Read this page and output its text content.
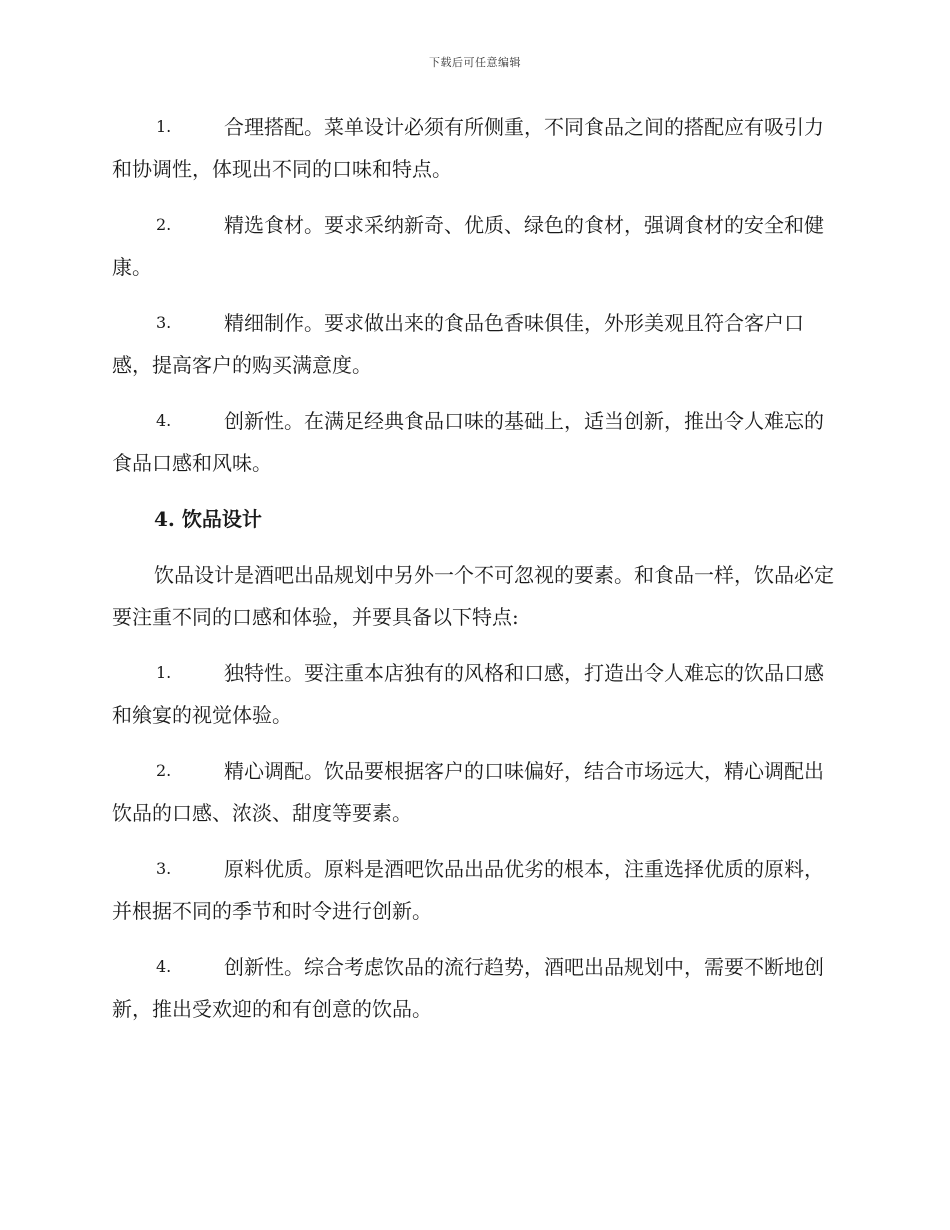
下载后可任意编辑
1.	合理搭配。菜单设计必须有所侧重，不同食品之间的搭配应有吸引力和协调性，体现出不同的口味和特点。
2.	精选食材。要求采纳新奇、优质、绿色的食材，强调食材的安全和健康。
3.	精细制作。要求做出来的食品色香味俱佳，外形美观且符合客户口感，提高客户的购买满意度。
4.	创新性。在满足经典食品口味的基础上，适当创新，推出令人难忘的食品口感和风味。
4. 饮品设计
饮品设计是酒吧出品规划中另外一个不可忽视的要素。和食品一样，饮品必定要注重不同的口感和体验，并要具备以下特点:
1.	独特性。要注重本店独有的风格和口感，打造出令人难忘的饮品口感和飨宴的视觉体验。
2.	精心调配。饮品要根据客户的口味偏好，结合市场远大，精心调配出饮品的口感、浓淡、甜度等要素。
3.	原料优质。原料是酒吧饮品出品优劣的根本，注重选择优质的原料，并根据不同的季节和时令进行创新。
4.	创新性。综合考虑饮品的流行趋势，酒吧出品规划中，需要不断地创新，推出受欢迎的和有创意的饮品。
